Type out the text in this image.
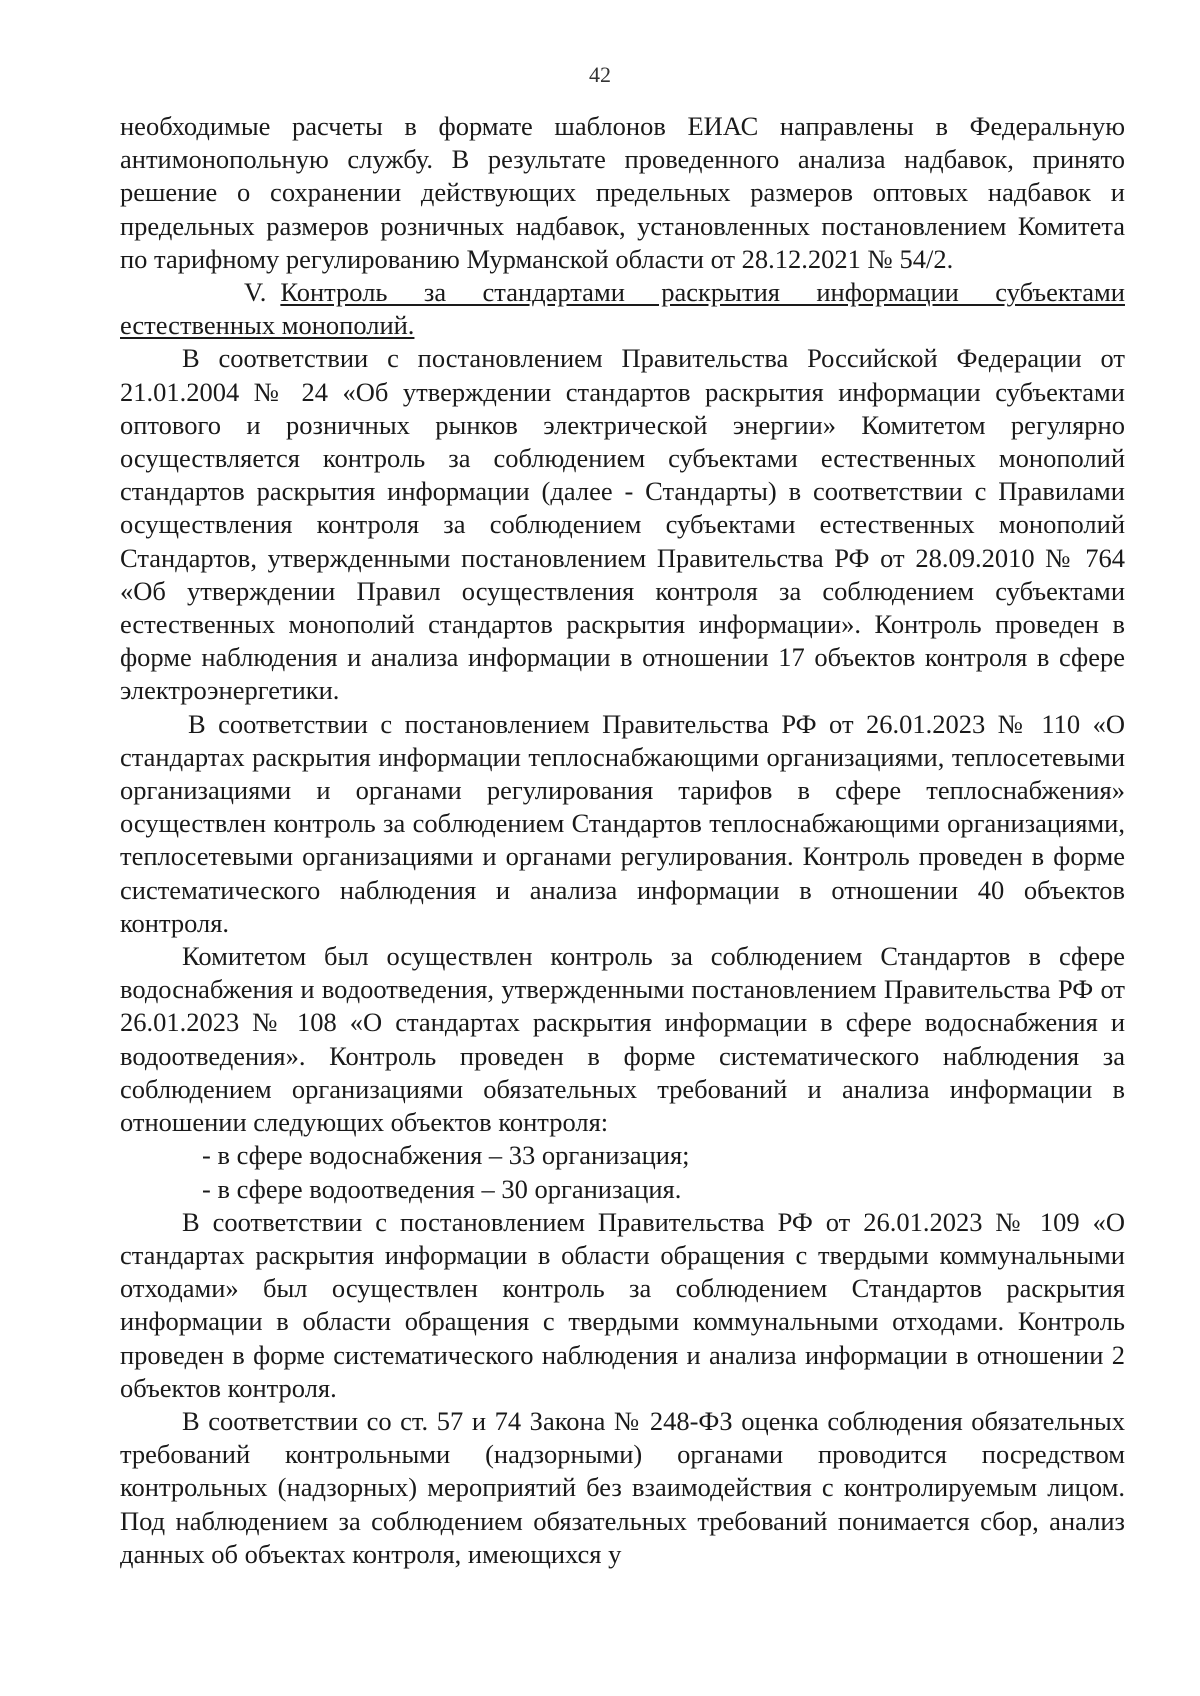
42

необходимые расчеты в формате шаблонов ЕИАС направлены в Федеральную антимонопольную службу. В результате проведенного анализа надбавок, принято решение о сохранении действующих предельных размеров оптовых надбавок и предельных размеров розничных надбавок, установленных постановлением Комитета по тарифному регулированию Мурманской области от 28.12.2021 № 54/2.

V. Контроль за стандартами раскрытия информации субъектами естественных монополий.

В соответствии с постановлением Правительства Российской Федерации от 21.01.2004 № 24 «Об утверждении стандартов раскрытия информации субъектами оптового и розничных рынков электрической энергии» Комитетом регулярно осуществляется контроль за соблюдением субъектами естественных монополий стандартов раскрытия информации (далее - Стандарты) в соответствии с Правилами осуществления контроля за соблюдением субъектами естественных монополий Стандартов, утвержденными постановлением Правительства РФ от 28.09.2010 № 764 «Об утверждении Правил осуществления контроля за соблюдением субъектами естественных монополий стандартов раскрытия информации». Контроль проведен в форме наблюдения и анализа информации в отношении 17 объектов контроля в сфере электроэнергетики.

В соответствии с постановлением Правительства РФ от 26.01.2023 № 110 «О стандартах раскрытия информации теплоснабжающими организациями, теплосетевыми организациями и органами регулирования тарифов в сфере теплоснабжения» осуществлен контроль за соблюдением Стандартов теплоснабжающими организациями, теплосетевыми организациями и органами регулирования. Контроль проведен в форме систематического наблюдения и анализа информации в отношении 40 объектов контроля.

Комитетом был осуществлен контроль за соблюдением Стандартов в сфере водоснабжения и водоотведения, утвержденными постановлением Правительства РФ от 26.01.2023 № 108 «О стандартах раскрытия информации в сфере водоснабжения и водоотведения». Контроль проведен в форме систематического наблюдения за соблюдением организациями обязательных требований и анализа информации в отношении следующих объектов контроля:

- в сфере водоснабжения – 33 организация;

- в сфере водоотведения – 30 организация.

В соответствии с постановлением Правительства РФ от 26.01.2023 № 109 «О стандартах раскрытия информации в области обращения с твердыми коммунальными отходами» был осуществлен контроль за соблюдением Стандартов раскрытия информации в области обращения с твердыми коммунальными отходами. Контроль проведен в форме систематического наблюдения и анализа информации в отношении 2 объектов контроля.

В соответствии со ст. 57 и 74 Закона № 248-ФЗ оценка соблюдения обязательных требований контрольными (надзорными) органами проводится посредством контрольных (надзорных) мероприятий без взаимодействия с контролируемым лицом. Под наблюдением за соблюдением обязательных требований понимается сбор, анализ данных об объектах контроля, имеющихся у
